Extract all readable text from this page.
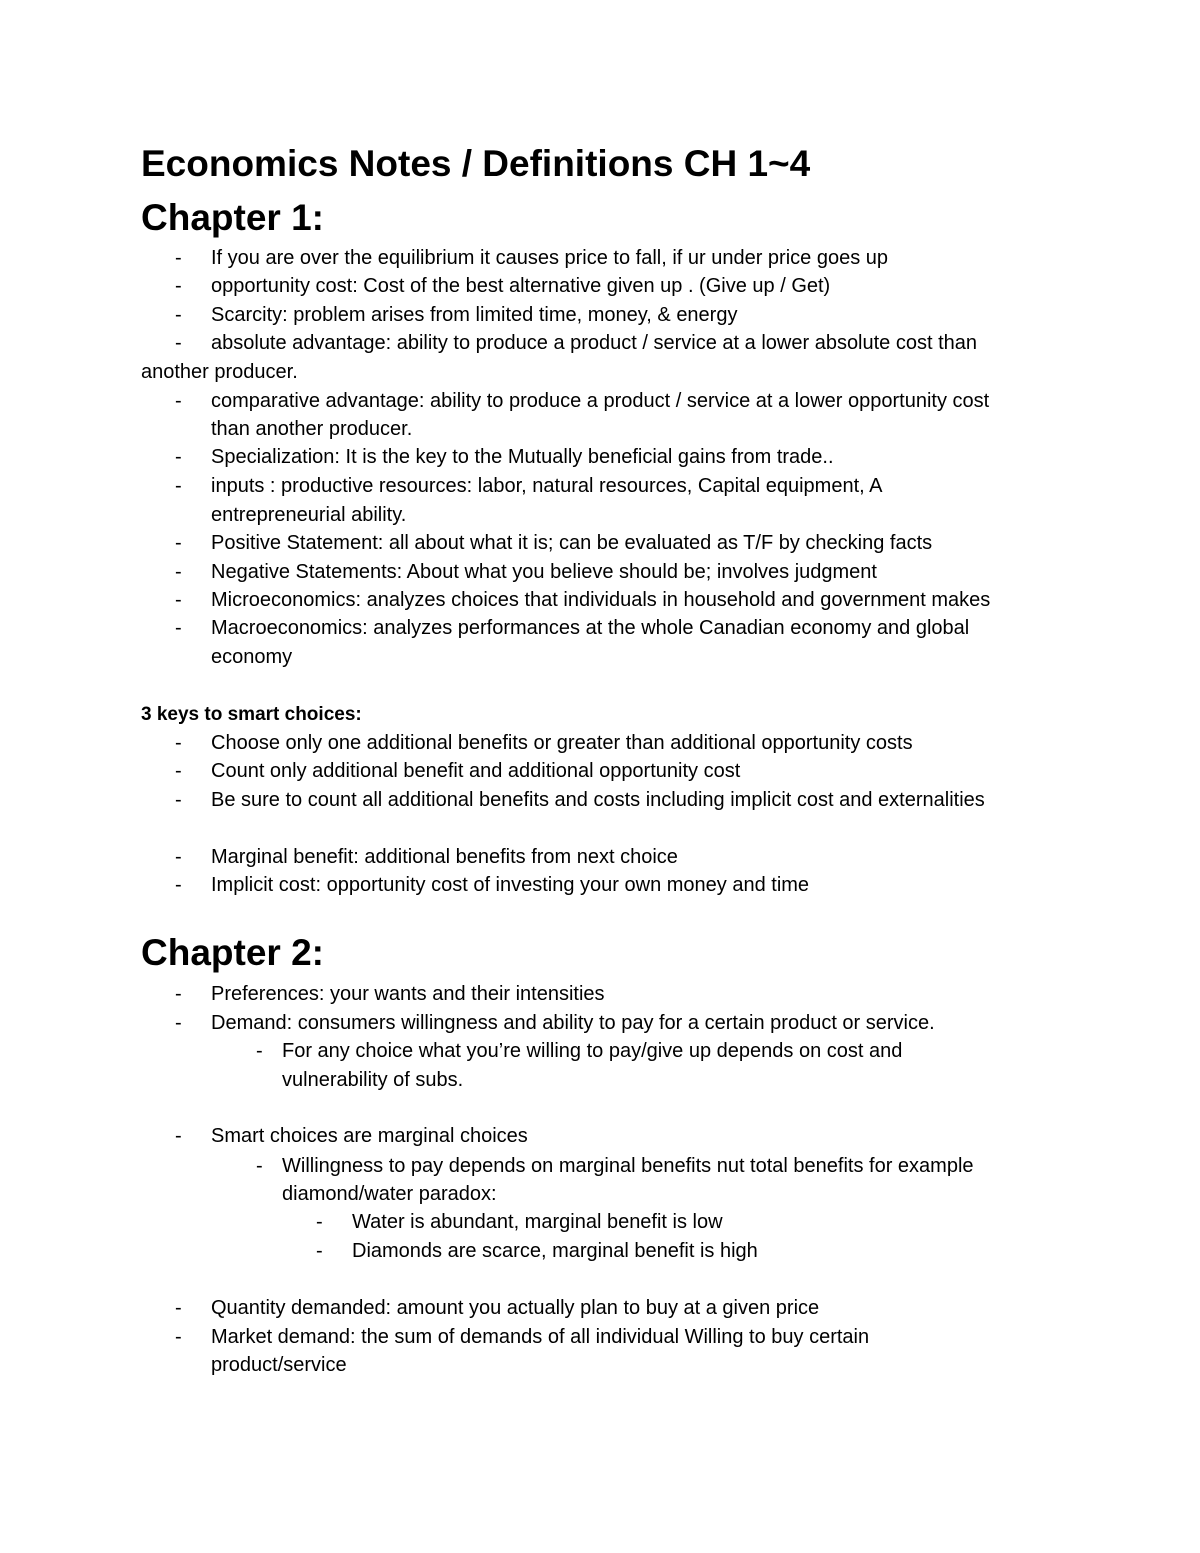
Economics Notes / Definitions CH 1~4
Chapter 1:

- If you are over the equilibrium it causes price to fall, if ur under price goes up

- opportunity cost: Cost of the best alternative given up . (Give up / Get)

- Scarcity: problem arises from limited time, money, & energy

- absolute advantage: ability to produce a product / service at a lower absolute cost than

another producer.

- comparative advantage: ability to produce a product / service at a lower opportunity cost

than another producer.

- Specialization: It is the key to the Mutually beneficial gains from trade..

- inputs : productive resources: labor, natural resources, Capital equipment, A

entrepreneurial ability.

- Positive Statement: all about what it is; can be evaluated as T/F by checking facts

- Negative Statements: About what you believe should be; involves judgment

- Microeconomics: analyzes choices that individuals in household and government makes

- Macroeconomics: analyzes performances at the whole Canadian economy and global

economy

3 keys to smart choices:

- Choose only one additional benefits or greater than additional opportunity costs

- Count only additional benefit and additional opportunity cost

- Be sure to count all additional benefits and costs including implicit cost and externalities

- Marginal benefit: additional benefits from next choice

- Implicit cost: opportunity cost of investing your own money and time

Chapter 2:

- Preferences: your wants and their intensities

- Demand: consumers willingness and ability to pay for a certain product or service.

- For any choice what you’re willing to pay/give up depends on cost and

vulnerability of subs.

- Smart choices are marginal choices

- Willingness to pay depends on marginal benefits nut total benefits for example

diamond/water paradox:

- Water is abundant, marginal benefit is low

- Diamonds are scarce, marginal benefit is high

- Quantity demanded: amount you actually plan to buy at a given price

- Market demand: the sum of demands of all individual Willing to buy certain

product/service
